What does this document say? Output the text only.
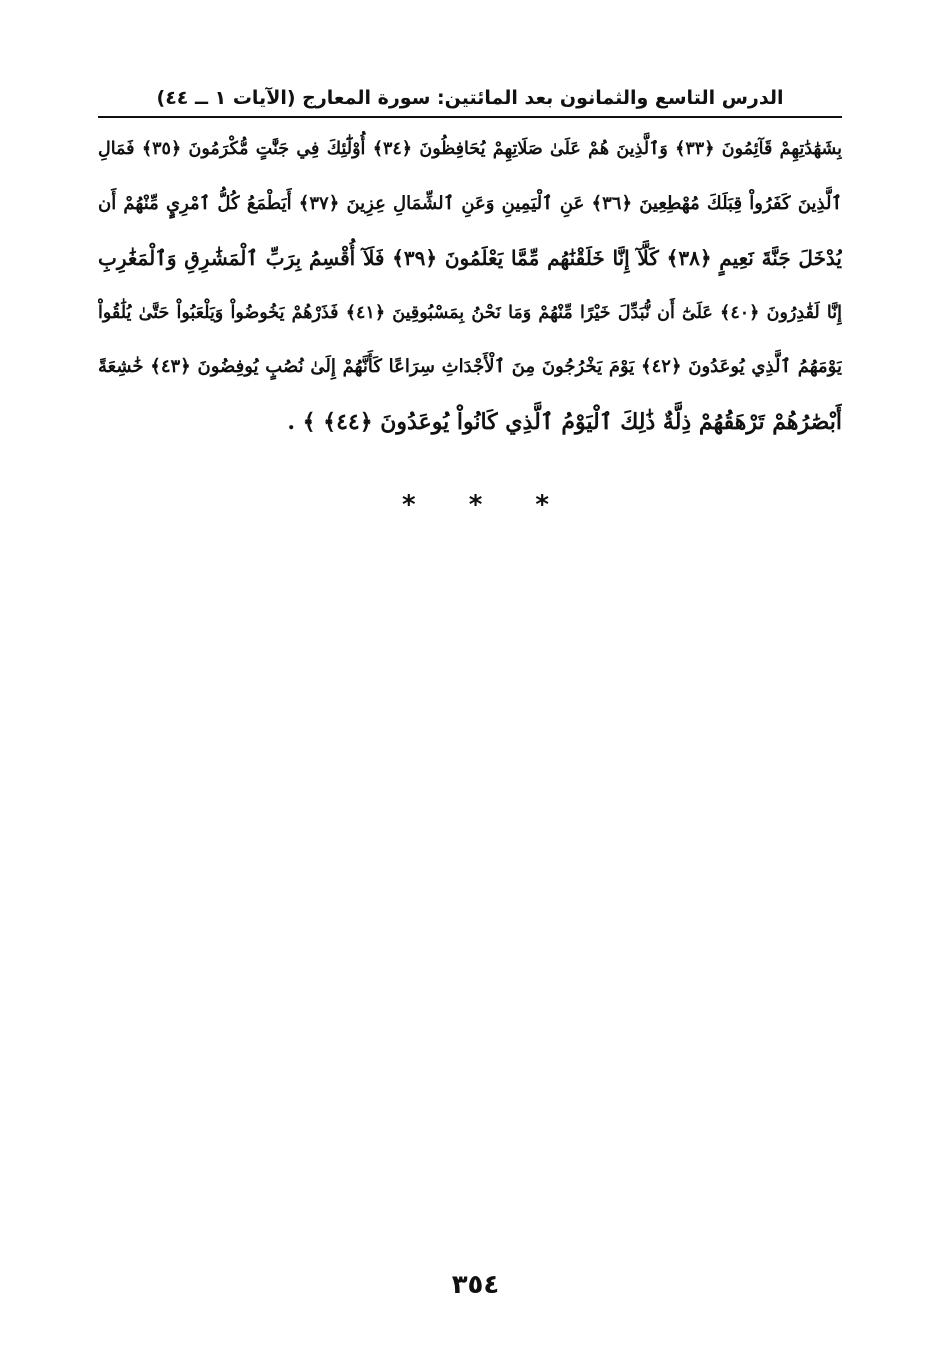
الدرس التاسع والثمانون بعد المائتين: سورة المعارج (الآيات ١ ــ ٤٤)
بِشَهَٰدَٰتِهِمْ قَآئِمُونَ ﴿٣٣﴾ وَٱلَّذِينَ هُمْ عَلَىٰ صَلَاتِهِمْ يُحَافِظُونَ ﴿٣٤﴾ أُوْلَٰٓئِكَ فِي جَنَّٰتٍ مُّكْرَمُونَ ﴿٣٥﴾ فَمَالِ
ٱلَّذِينَ كَفَرُواْ قِبَلَكَ مُهْطِعِينَ ﴿٣٦﴾ عَنِ ٱلْيَمِينِ وَعَنِ ٱلشِّمَالِ عِزِينَ ﴿٣٧﴾ أَيَطْمَعُ كُلُّ ٱمْرِيٍٕ مِّنْهُمْ أَن
يُدْخَلَ جَنَّةَ نَعِيمٍ ﴿٣٨﴾ كَلَّآ إِنَّا خَلَقْنَٰهُم مِّمَّا يَعْلَمُونَ ﴿٣٩﴾ فَلَآ أُقْسِمُ بِرَبِّ ٱلْمَشَٰرِقِ وَٱلْمَغَٰرِبِ
إِنَّا لَقَٰدِرُونَ ﴿٤٠﴾ عَلَىٰٓ أَن نُّبَدِّلَ خَيْرًا مِّنْهُمْ وَمَا نَحْنُ بِمَسْبُوقِينَ ﴿٤١﴾ فَذَرْهُمْ يَخُوضُواْ وَيَلْعَبُواْ حَتَّىٰ يُلَٰقُواْ
يَوْمَهُمُ ٱلَّذِي يُوعَدُونَ ﴿٤٢﴾ يَوْمَ يَخْرُجُونَ مِنَ ٱلْأَجْدَاثِ سِرَاعًا كَأَنَّهُمْ إِلَىٰ نُصُبٍ يُوفِضُونَ ﴿٤٣﴾ خَٰشِعَةً
أَبْصَٰرُهُمْ تَرْهَقُهُمْ ذِلَّةٌ ذَٰلِكَ ٱلْيَوْمُ ٱلَّذِي كَانُواْ يُوعَدُونَ ﴿٤٤﴾ ﴾ .
* * *
٣٥٤
